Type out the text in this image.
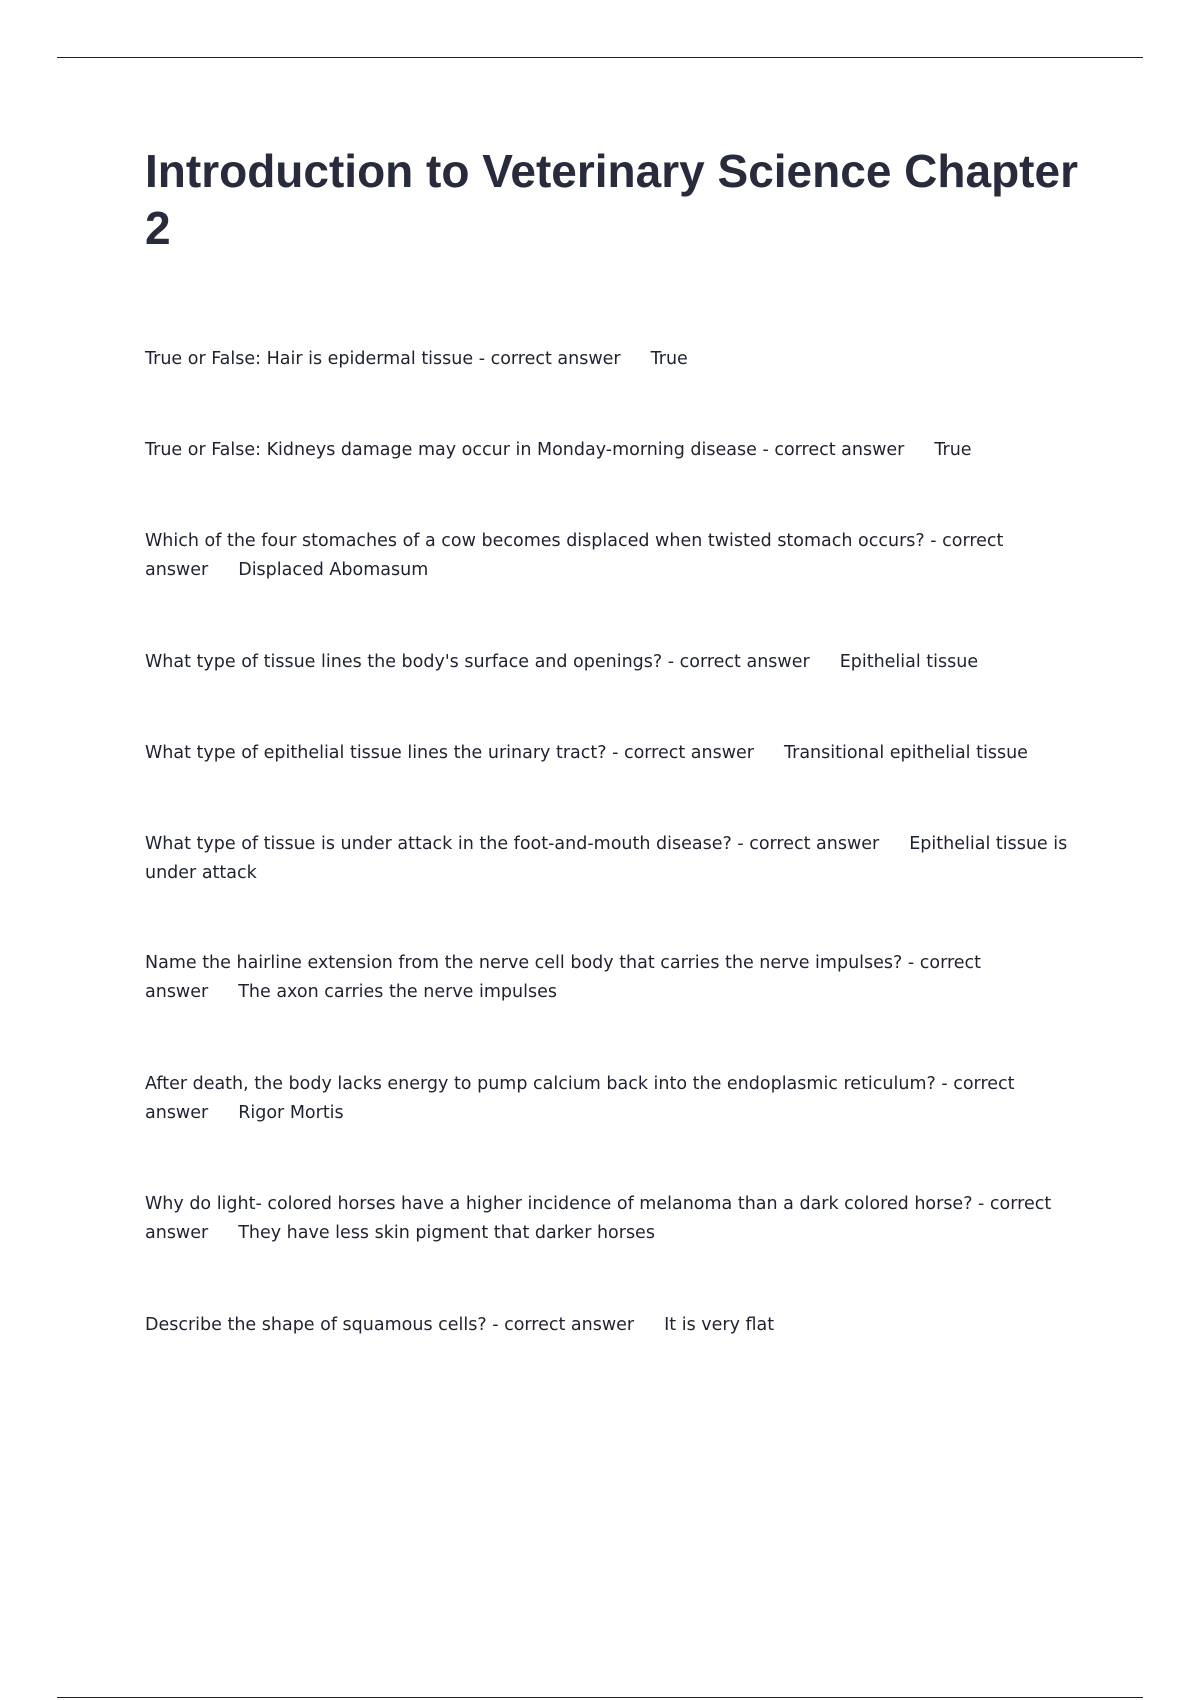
Introduction to Veterinary Science Chapter 2
True or False: Hair is epidermal tissue - correct answer True
True or False: Kidneys damage may occur in Monday-morning disease - correct answer True
Which of the four stomaches of a cow becomes displaced when twisted stomach occurs? - correct answer Displaced Abomasum
What type of tissue lines the body's surface and openings? - correct answer Epithelial tissue
What type of epithelial tissue lines the urinary tract? - correct answer Transitional epithelial tissue
What type of tissue is under attack in the foot-and-mouth disease? - correct answer Epithelial tissue is under attack
Name the hairline extension from the nerve cell body that carries the nerve impulses? - correct answer The axon carries the nerve impulses
After death, the body lacks energy to pump calcium back into the endoplasmic reticulum? - correct answer Rigor Mortis
Why do light- colored horses have a higher incidence of melanoma than a dark colored horse? - correct answer They have less skin pigment that darker horses
Describe the shape of squamous cells? - correct answer It is very flat
